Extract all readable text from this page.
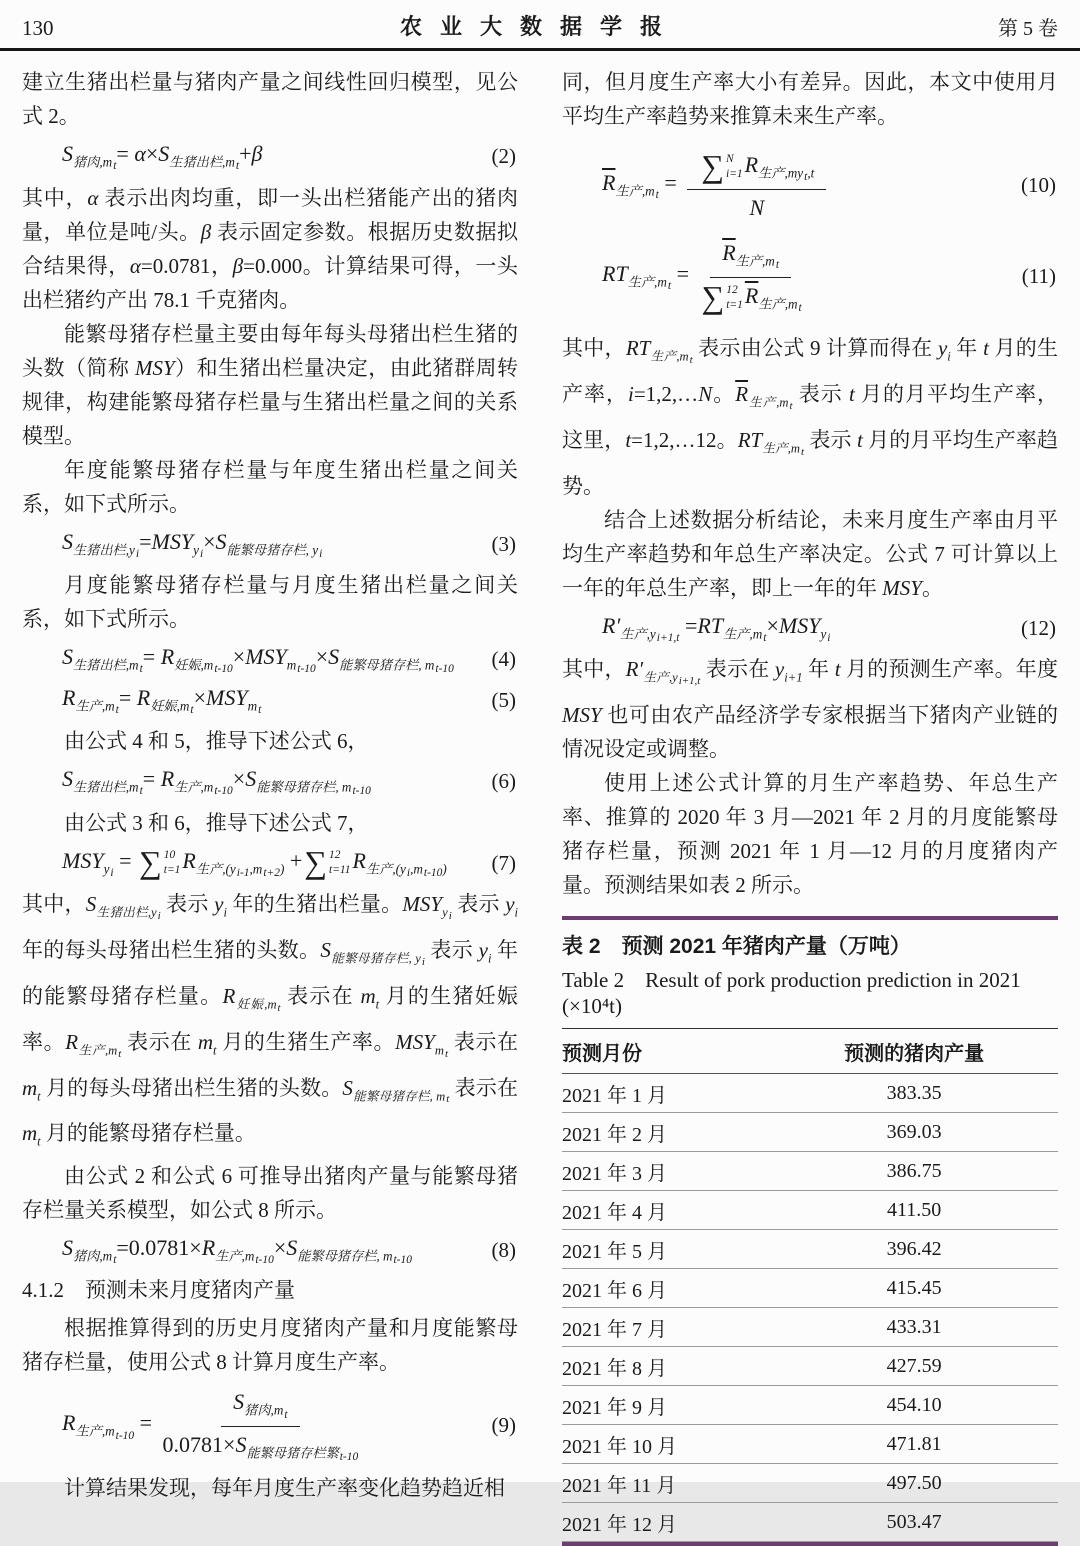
130	农业大数据学报	第 5 卷

建立生猪出栏量与猪肉产量之间线性回归模型，见公式 2。

$S_{猪肉,mt}= \alpha\times S_{生猪出栏,mt}+\beta$	(2)

其中，α 表示出肉均重，即一头出栏猪能产出的猪肉量，单位是吨/头。β 表示固定参数。根据历史数据拟合结果得，α=0.0781，β=0.000。计算结果可得，一头出栏猪约产出 78.1 千克猪肉。

能繁母猪存栏量主要由每年每头母猪出栏生猪的头数（简称 MSY）和生猪出栏量决定，由此猪群周转规律，构建能繁母猪存栏量与生猪出栏量之间的关系模型。

年度能繁母猪存栏量与年度生猪出栏量之间关系，如下式所示。

$S_{生猪出栏,yi}=MSY_{yi}\times S_{能繁母猪存栏, yi}$	(3)

月度能繁母猪存栏量与月度生猪出栏量之间关系，如下式所示。

$S_{生猪出栏,mt}= R_{妊娠,mt-10}\times MSY_{mt-10}\times S_{能繁母猪存栏, mt-10}$	(4)
$R_{生产,mt}= R_{妊娠,mt}\times MSY_{mt}$	(5)

由公式 4 和 5，推导下述公式 6，

$S_{生猪出栏,mt}= R_{生产,mt-10}\times S_{能繁母猪存栏, mt-10}$	(6)

由公式 3 和 6，推导下述公式 7，

$MSY_{yi}$ = ∑ 10
t=1 $R_{生产,(yi-1,mt+2)}$ + ∑ 12
t=11 $R_{生产,(yi,mt-10)}$	(7)

其中，$S_{生猪出栏,yi}$ 表示 $y_i$ 年的生猪出栏量。$MSY_{yi}$ 表示 $y_i$ 年的每头母猪出栏生猪的头数。$S_{能繁母猪存栏, yi}$ 表示 $y_i$ 年的能繁母猪存栏量。$R_{妊娠,mt}$ 表示在 $m_t$ 月的生猪妊娠率。$R_{生产,mt}$ 表示在 $m_t$ 月的生猪生产率。$MSY_{mt}$ 表示在 $m_t$ 月的每头母猪出栏生猪的头数。$S_{能繁母猪存栏, mt}$ 表示在 $m_t$ 月的能繁母猪存栏量。

由公式 2 和公式 6 可推导出猪肉产量与能繁母猪存栏量关系模型，如公式 8 所示。

$S_{猪肉,mt}=0.0781\times R_{生产,mt-10}\times S_{能繁母猪存栏, mt-10}$	(8)

4.1.2　预测未来月度猪肉产量

根据推算得到的历史月度猪肉产量和月度能繁母猪存栏量，使用公式 8 计算月度生产率。

$R_{生产,mt-10} = \frac{S_{猪肉,mt}}{0.0781\times S_{能繁母猪存栏繁t-10}}$	(9)

计算结果发现，每年月度生产率变化趋势趋近相

同，但月度生产率大小有差异。因此，本文中使用月平均生产率趋势来推算未来生产率。

$\overline{R}_{生产,mt}$ = ∑ N
i=1 $R_{生产,myt,t}$
N	(10)
$RT_{生产,mt} = \overline{R}_{生产,mt}$
∑ 12
t=1 $\overline{R}_{生产,mt}$	(11)

其中，$RT_{生产,mt}$ 表示由公式 9 计算而得在 $y_i$ 年 t 月的生产率，i=1,2,…N。$\overline{R}_{生产,mt}$ 表示 t 月的月平均生产率，这里，t=1,2,…12。$RT_{生产,mt}$ 表示 t 月的月平均生产率趋势。

结合上述数据分析结论，未来月度生产率由月平均生产率趋势和年总生产率决定。公式 7 可计算以上一年的年总生产率，即上一年的年 MSY。

$R'_{生产,yi+1,t} =RT_{生产,mt}\times MSY_{yi}$	(12)

其中，$R'_{生产,yi+1,t}$ 表示在 $y_{i+1}$ 年 t 月的预测生产率。年度 MSY 也可由农产品经济学专家根据当下猪肉产业链的情况设定或调整。

使用上述公式计算的月生产率趋势、年总生产率、推算的 2020 年 3 月—2021 年 2 月的月度能繁母猪存栏量，预测 2021 年 1 月—12 月的月度猪肉产量。预测结果如表 2 所示。

表 2　预测 2021 年猪肉产量（万吨）

Table 2　Result of pork production prediction in 2021 (×10⁴t)

预测月份	预测的猪肉产量
2021 年 1 月	383.35
2021 年 2 月	369.03
2021 年 3 月	386.75
2021 年 4 月	411.50
2021 年 5 月	396.42
2021 年 6 月	415.45
2021 年 7 月	433.31
2021 年 8 月	427.59
2021 年 9 月	454.10
2021 年 10 月	471.81
2021 年 11 月	497.50
2021 年 12 月	503.47
